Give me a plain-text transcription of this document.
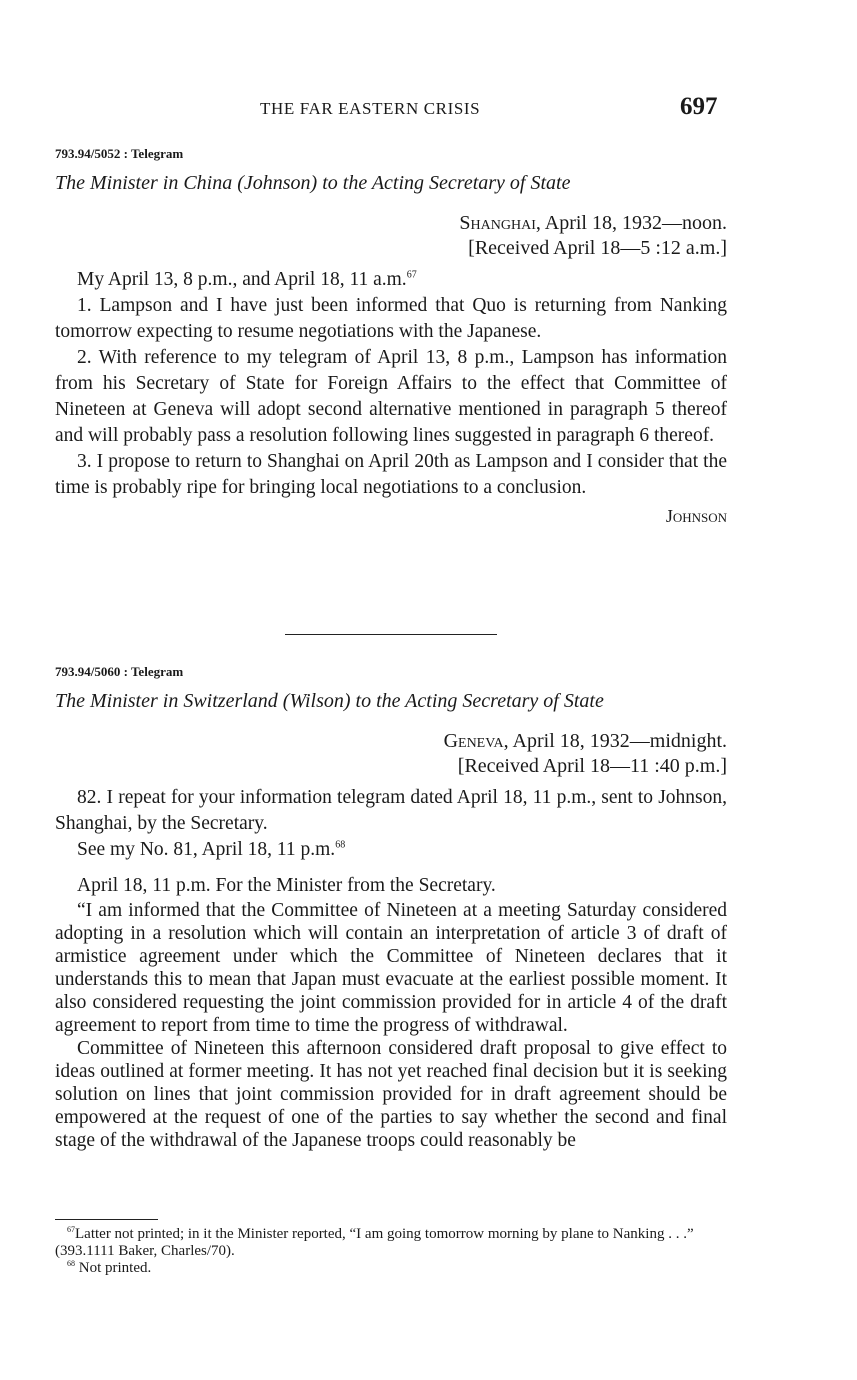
THE FAR EASTERN CRISIS	697
793.94/5052 : Telegram
The Minister in China (Johnson) to the Acting Secretary of State
Shanghai, April 18, 1932—noon.
[Received April 18—5 :12 a.m.]

My April 13, 8 p.m., and April 18, 11 a.m.$^{67}$

1. Lampson and I have just been informed that Quo is returning from Nanking tomorrow expecting to resume negotiations with the Japanese.

2. With reference to my telegram of April 13, 8 p.m., Lampson has information from his Secretary of State for Foreign Affairs to the effect that Committee of Nineteen at Geneva will adopt second alternative mentioned in paragraph 5 thereof and will probably pass a resolution following lines suggested in paragraph 6 thereof.

3. I propose to return to Shanghai on April 20th as Lampson and I consider that the time is probably ripe for bringing local negotiations to a conclusion.

Johnson
793.94/5060 : Telegram
The Minister in Switzerland (Wilson) to the Acting Secretary of State
Geneva, April 18, 1932—midnight.
[Received April 18—11 :40 p.m.]

82. I repeat for your information telegram dated April 18, 11 p.m., sent to Johnson, Shanghai, by the Secretary.

See my No. 81, April 18, 11 p.m.$^{68}$

April 18, 11 p.m. For the Minister from the Secretary.

“I am informed that the Committee of Nineteen at a meeting Saturday considered adopting in a resolution which will contain an interpretation of article 3 of draft of armistice agreement under which the Committee of Nineteen declares that it understands this to mean that Japan must evacuate at the earliest possible moment. It also considered requesting the joint commission provided for in article 4 of the draft agreement to report from time to time the progress of withdrawal.

Committee of Nineteen this afternoon considered draft proposal to give effect to ideas outlined at former meeting. It has not yet reached final decision but it is seeking solution on lines that joint commission provided for in draft agreement should be empowered at the request of one of the parties to say whether the second and final stage of the withdrawal of the Japanese troops could reasonably be

$^{67}$Latter not printed; in it the Minister reported, “I am going tomorrow morning by plane to Nanking . . .” (393.1111 Baker, Charles/70).

$^{68}$ Not printed.
